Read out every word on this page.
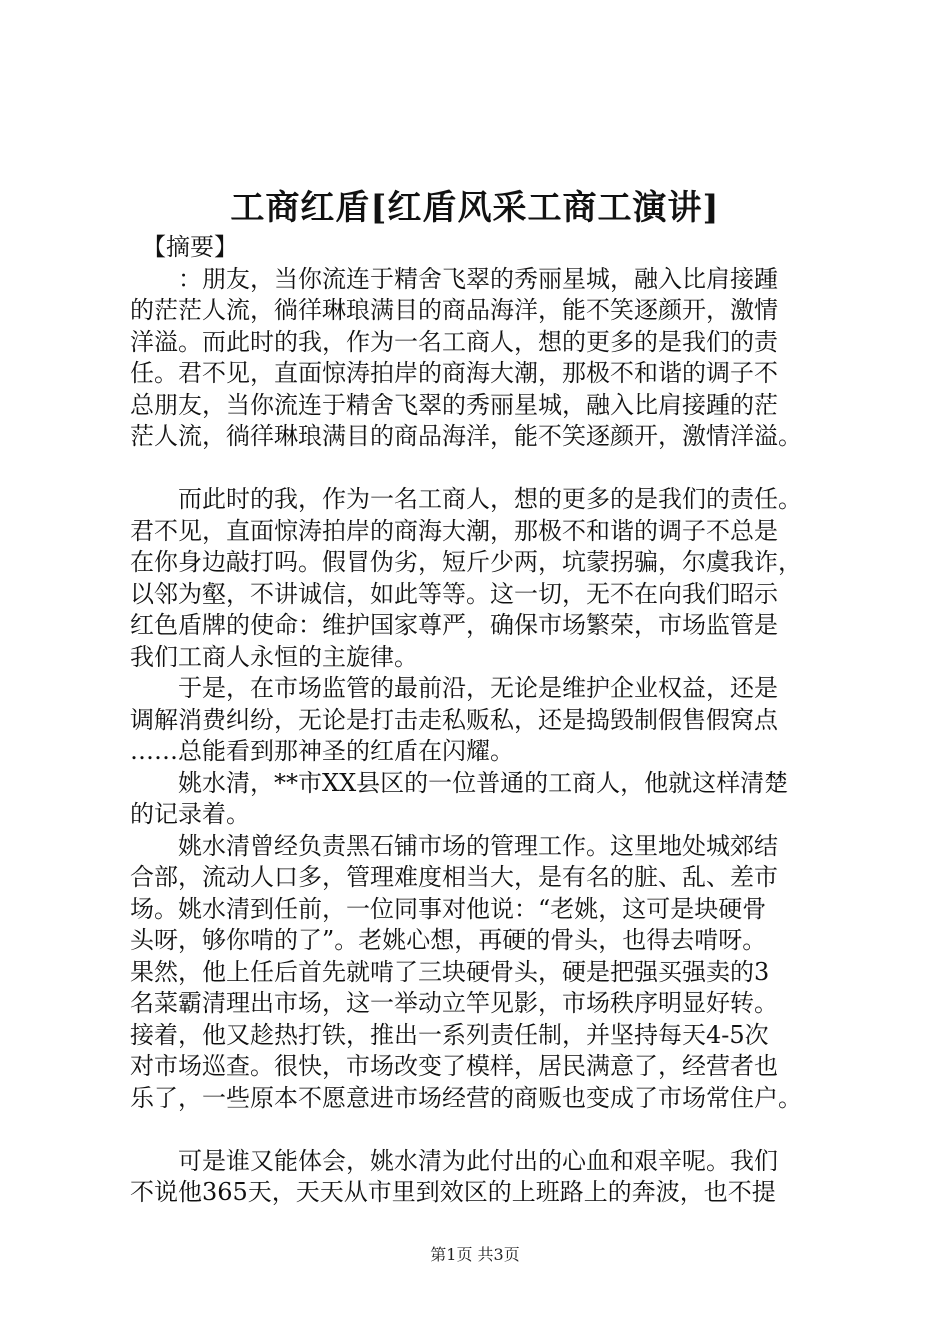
工商红盾[红盾风采工商工演讲]
　【摘要】
　　：朋友，当你流连于精舍飞翠的秀丽星城，融入比肩接踵
的茫茫人流，徜徉琳琅满目的商品海洋，能不笑逐颜开，激情
洋溢。而此时的我，作为一名工商人，想的更多的是我们的责
任。君不见，直面惊涛拍岸的商海大潮，那极不和谐的调子不
总朋友，当你流连于精舍飞翠的秀丽星城，融入比肩接踵的茫
茫人流，徜徉琳琅满目的商品海洋，能不笑逐颜开，激情洋溢。
　　而此时的我，作为一名工商人，想的更多的是我们的责任。
君不见，直面惊涛拍岸的商海大潮，那极不和谐的调子不总是
在你身边敲打吗。假冒伪劣，短斤少两，坑蒙拐骗，尔虞我诈，
以邻为壑，不讲诚信，如此等等。这一切，无不在向我们昭示
红色盾牌的使命：维护国家尊严，确保市场繁荣，市场监管是
我们工商人永恒的主旋律。
　　于是，在市场监管的最前沿，无论是维护企业权益，还是
调解消费纠纷，无论是打击走私贩私，还是捣毁制假售假窝点
……总能看到那神圣的红盾在闪耀。
　　姚水清，**市XX县区的一位普通的工商人，他就这样清楚
的记录着。
　　姚水清曾经负责黑石铺市场的管理工作。这里地处城郊结
合部，流动人口多，管理难度相当大，是有名的脏、乱、差市
场。姚水清到任前，一位同事对他说：“老姚，这可是块硬骨
头呀，够你啃的了”。老姚心想，再硬的骨头，也得去啃呀。
果然，他上任后首先就啃了三块硬骨头，硬是把强买强卖的3
名菜霸清理出市场，这一举动立竿见影，市场秩序明显好转。
接着，他又趁热打铁，推出一系列责任制，并坚持每天4-5次
对市场巡查。很快，市场改变了模样，居民满意了，经营者也
乐了，一些原本不愿意进市场经营的商贩也变成了市场常住户。
　　可是谁又能体会，姚水清为此付出的心血和艰辛呢。我们
不说他365天，天天从市里到效区的上班路上的奔波，也不提
第1页 共3页
